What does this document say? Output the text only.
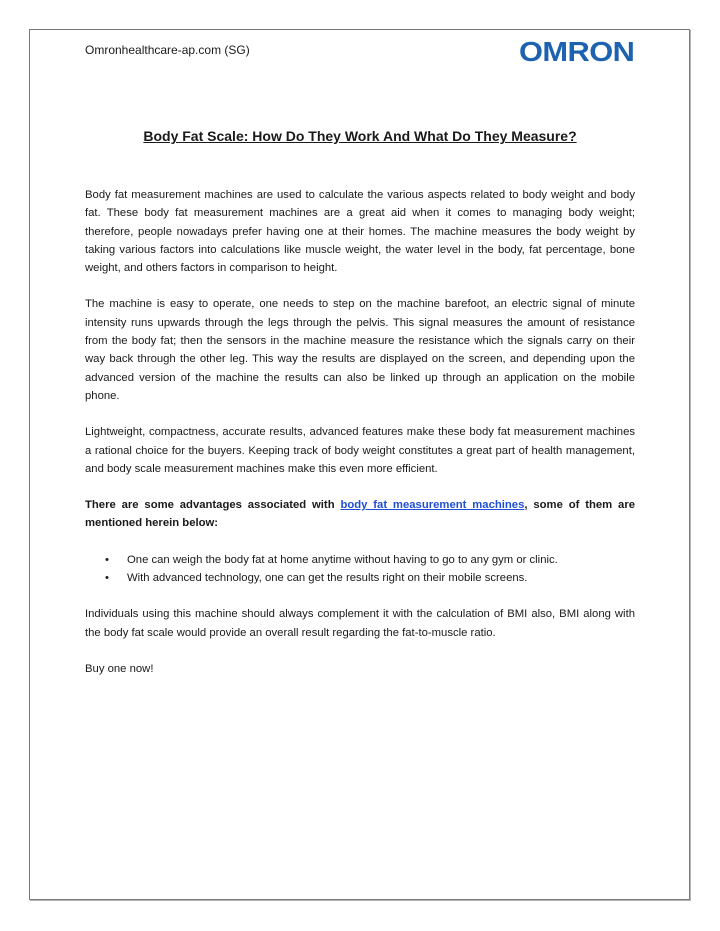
Omronhealthcare-ap.com (SG)	OMRON
Body Fat Scale: How Do They Work And What Do They Measure?

Body fat measurement machines are used to calculate the various aspects related to body weight and body fat. These body fat measurement machines are a great aid when it comes to managing body weight; therefore, people nowadays prefer having one at their homes. The machine measures the body weight by taking various factors into calculations like muscle weight, the water level in the body, fat percentage, bone weight, and others factors in comparison to height.

The machine is easy to operate, one needs to step on the machine barefoot, an electric signal of minute intensity runs upwards through the legs through the pelvis. This signal measures the amount of resistance from the body fat; then the sensors in the machine measure the resistance which the signals carry on their way back through the other leg. This way the results are displayed on the screen, and depending upon the advanced version of the machine the results can also be linked up through an application on the mobile phone.

Lightweight, compactness, accurate results, advanced features make these body fat measurement machines a rational choice for the buyers. Keeping track of body weight constitutes a great part of health management, and body scale measurement machines make this even more efficient.

There are some advantages associated with body fat measurement machines, some of them are mentioned herein below:

• One can weigh the body fat at home anytime without having to go to any gym or clinic.
• With advanced technology, one can get the results right on their mobile screens.

Individuals using this machine should always complement it with the calculation of BMI also, BMI along with the body fat scale would provide an overall result regarding the fat-to-muscle ratio.

Buy one now!
